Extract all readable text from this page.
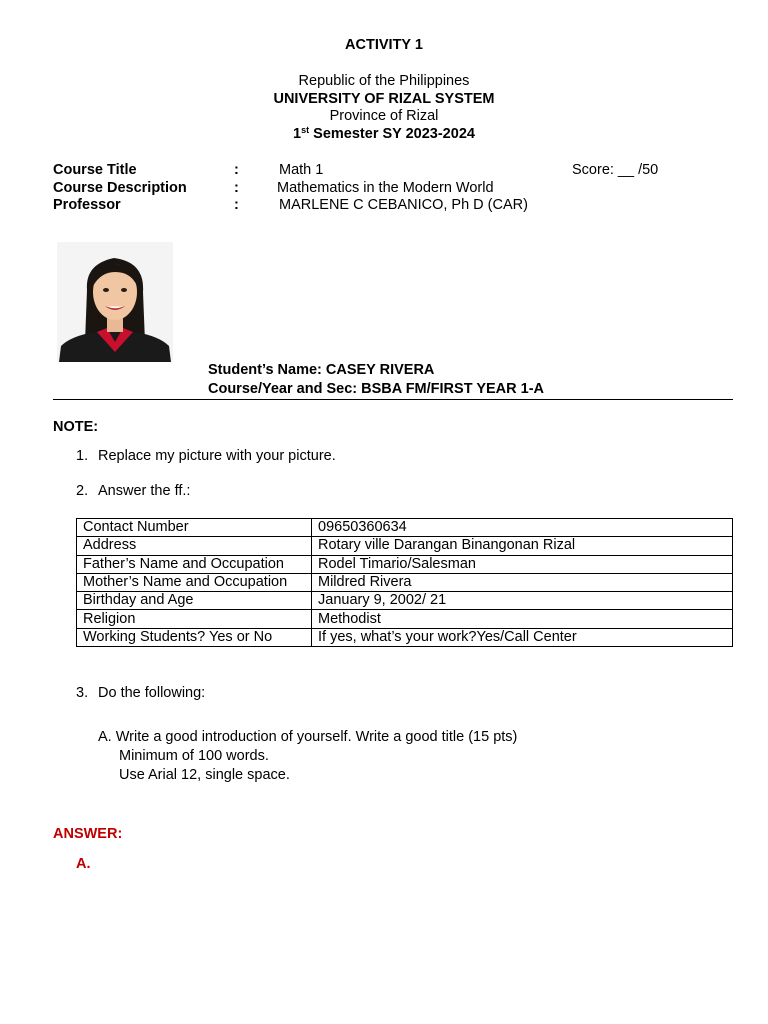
ACTIVITY 1
Republic of the Philippines
UNIVERSITY OF RIZAL SYSTEM
Province of Rizal
1st Semester SY 2023-2024
Course Title	:	Math 1	Score: __ /50
Course Description	:	Mathematics in the Modern World
Professor	:	MARLENE C CEBANICO, Ph D (CAR)
Student’s Name: CASEY RIVERA
Course/Year and Sec: BSBA FM/FIRST YEAR 1-A
NOTE:
1. Replace my picture with your picture.
2. Answer the ff.:
Contact Number	09650360634
Address	Rotary ville Darangan Binangonan Rizal
Father’s Name and Occupation	Rodel Timario/Salesman
Mother’s Name and Occupation	Mildred Rivera
Birthday and Age	January 9, 2002/ 21
Religion	Methodist
Working Students? Yes or No	If yes, what’s your work?Yes/Call Center
3. Do the following:
A. Write a good introduction of yourself. Write a good title (15 pts)
Minimum of 100 words.
Use Arial 12, single space.
ANSWER:
A.
